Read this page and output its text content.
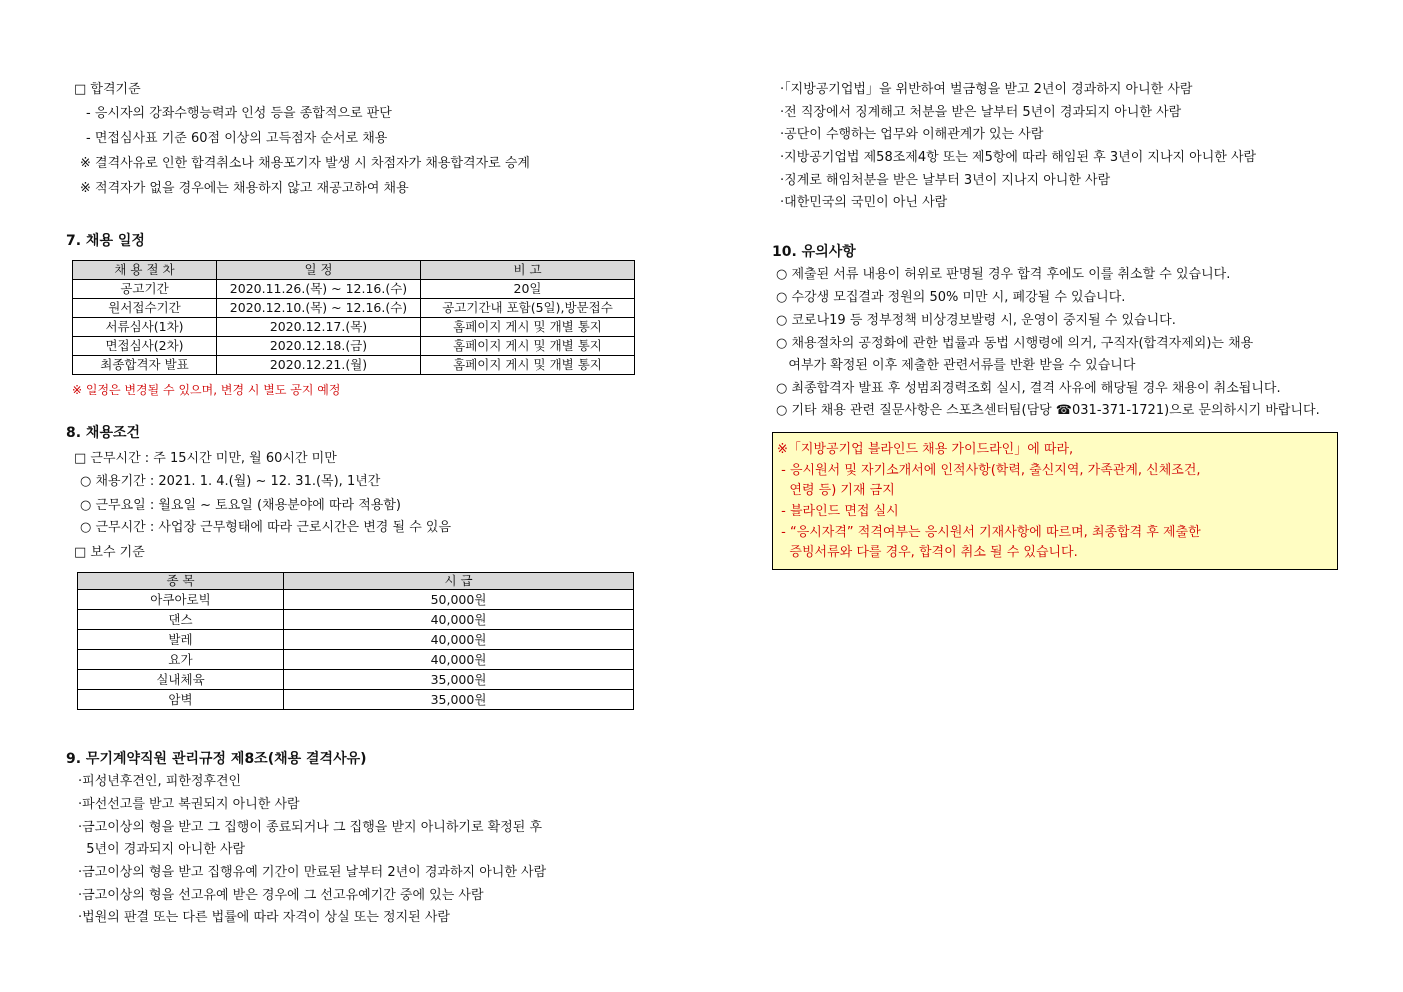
□ 합격기준
- 응시자의 강좌수행능력과 인성 등을 종합적으로 판단
- 면접심사표 기준 60점 이상의 고득점자 순서로 채용
※ 결격사유로 인한 합격취소나 채용포기자 발생 시 차점자가 채용합격자로 승계
※ 적격자가 없을 경우에는 채용하지 않고 재공고하여 채용
7. 채용 일정
채 용 절 차	일 정	비 고
공고기간	2020.11.26.(목) ~ 12.16.(수)	20일
원서접수기간	2020.12.10.(목) ~ 12.16.(수)	공고기간내 포함(5일),방문접수
서류심사(1차)	2020.12.17.(목)	홈페이지 게시 및 개별 통지
면접심사(2차)	2020.12.18.(금)	홈페이지 게시 및 개별 통지
최종합격자 발표	2020.12.21.(월)	홈페이지 게시 및 개별 통지
※ 일정은 변경될 수 있으며, 변경 시 별도 공지 예정
8. 채용조건
□ 근무시간 : 주 15시간 미만, 월 60시간 미만
○ 채용기간 : 2021. 1. 4.(월) ~ 12. 31.(목), 1년간
○ 근무요일 : 월요일 ~ 토요일 (채용분야에 따라 적용함)
○ 근무시간 : 사업장 근무형태에 따라 근로시간은 변경 될 수 있음
□ 보수 기준
종 목	시 급
아쿠아로빅	50,000원
댄스	40,000원
발레	40,000원
요가	40,000원
실내체육	35,000원
암벽	35,000원
9. 무기계약직원 관리규정 제8조(채용 결격사유)
·피성년후견인, 피한정후견인
·파선선고를 받고 복권되지 아니한 사람
·금고이상의 형을 받고 그 집행이 종료되거나 그 집행을 받지 아니하기로 확정된 후
5년이 경과되지 아니한 사람
·금고이상의 형을 받고 집행유예 기간이 만료된 날부터 2년이 경과하지 아니한 사람
·금고이상의 형을 선고유예 받은 경우에 그 선고유예기간 중에 있는 사람
·법원의 판결 또는 다른 법률에 따라 자격이 상실 또는 정지된 사람
·「지방공기업법」을 위반하여 벌금형을 받고 2년이 경과하지 아니한 사람
·전 직장에서 징계해고 처분을 받은 날부터 5년이 경과되지 아니한 사람
·공단이 수행하는 업무와 이해관계가 있는 사람
·지방공기업법 제58조제4항 또는 제5항에 따라 해임된 후 3년이 지나지 아니한 사람
·징계로 해임처분을 받은 날부터 3년이 지나지 아니한 사람
·대한민국의 국민이 아닌 사람
10. 유의사항
○ 제출된 서류 내용이 허위로 판명될 경우 합격 후에도 이를 취소할 수 있습니다.
○ 수강생 모집결과 정원의 50% 미만 시, 폐강될 수 있습니다.
○ 코로나19 등 정부정책 비상경보발령 시, 운영이 중지될 수 있습니다.
○ 채용절차의 공정화에 관한 법률과 동법 시행령에 의거, 구직자(합격자제외)는 채용
여부가 확정된 이후 제출한 관련서류를 반환 받을 수 있습니다
○ 최종합격자 발표 후 성범죄경력조회 실시, 결격 사유에 해당될 경우 채용이 취소됩니다.
○ 기타 채용 관련 질문사항은 스포츠센터팀(담당 ☎031-371-1721)으로 문의하시기 바랍니다.
※「지방공기업 블라인드 채용 가이드라인」에 따라,
- 응시원서 및 자기소개서에 인적사항(학력, 출신지역, 가족관계, 신체조건,
연령 등) 기재 금지
- 블라인드 면접 실시
- “응시자격” 적격여부는 응시원서 기재사항에 따르며, 최종합격 후 제출한
증빙서류와 다를 경우, 합격이 취소 될 수 있습니다.
